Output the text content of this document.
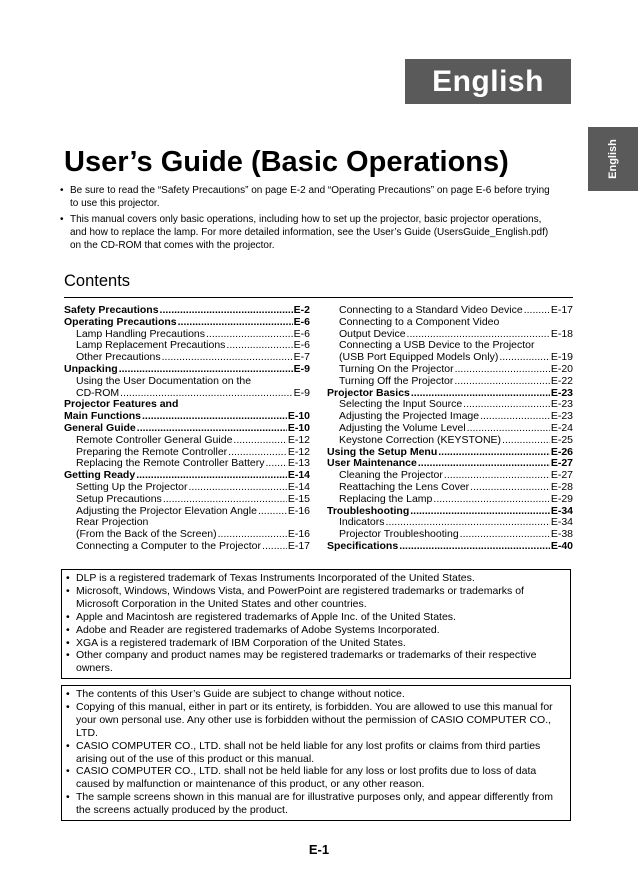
English
English
User’s Guide (Basic Operations)
• Be sure to read the “Safety Precautions” on page E-2 and “Operating Precautions” on page E-6 before trying to use this projector.
• This manual covers only basic operations, including how to set up the projector, basic projector operations, and how to replace the lamp. For more detailed information, see the User’s Guide (UsersGuide_English.pdf) on the CD-ROM that comes with the projector.
Contents
Safety Precautions .....	E-2
Operating Precautions .....	E-6
Lamp Handling Precautions .....	E-6
Lamp Replacement Precautions .....	E-6
Other Precautions .....	E-7
Unpacking .....	E-9
Using the User Documentation on the
CD-ROM .....	E-9
Projector Features and
Main Functions .....	E-10
General Guide .....	E-10
Remote Controller General Guide .....	E-12
Preparing the Remote Controller .....	E-12
Replacing the Remote Controller Battery ..... E-13
Getting Ready .....	E-14
Setting Up the Projector .....	E-14
Setup Precautions .....	E-15
Adjusting the Projector Elevation Angle .....	E-16
Rear Projection
(From the Back of the Screen) .....	E-16
Connecting a Computer to the Projector .....	E-17
Connecting to a Standard Video Device .....	E-17
Connecting to a Component Video
Output Device .....	E-18
Connecting a USB Device to the Projector
(USB Port Equipped Models Only) .....	E-19
Turning On the Projector .....	E-20
Turning Off the Projector .....	E-22
Projector Basics .....	E-23
Selecting the Input Source .....	E-23
Adjusting the Projected Image .....	E-23
Adjusting the Volume Level .....	E-24
Keystone Correction (KEYSTONE) .....	E-25
Using the Setup Menu .....	E-26
User Maintenance .....	E-27
Cleaning the Projector .....	E-27
Reattaching the Lens Cover .....	E-28
Replacing the Lamp .....	E-29
Troubleshooting .....	E-34
Indicators .....	E-34
Projector Troubleshooting .....	E-38
Specifications .....	E-40
• DLP is a registered trademark of Texas Instruments Incorporated of the United States.
• Microsoft, Windows, Windows Vista, and PowerPoint are registered trademarks or trademarks of Microsoft Corporation in the United States and other countries.
• Apple and Macintosh are registered trademarks of Apple Inc. of the United States.
• Adobe and Reader are registered trademarks of Adobe Systems Incorporated.
• XGA is a registered trademark of IBM Corporation of the United States.
• Other company and product names may be registered trademarks or trademarks of their respective owners.
• The contents of this User’s Guide are subject to change without notice.
• Copying of this manual, either in part or its entirety, is forbidden. You are allowed to use this manual for your own personal use. Any other use is forbidden without the permission of CASIO COMPUTER CO., LTD.
• CASIO COMPUTER CO., LTD. shall not be held liable for any lost profits or claims from third parties arising out of the use of this product or this manual.
• CASIO COMPUTER CO., LTD. shall not be held liable for any loss or lost profits due to loss of data caused by malfunction or maintenance of this product, or any other reason.
• The sample screens shown in this manual are for illustrative purposes only, and appear differently from the screens actually produced by the product.
E-1
